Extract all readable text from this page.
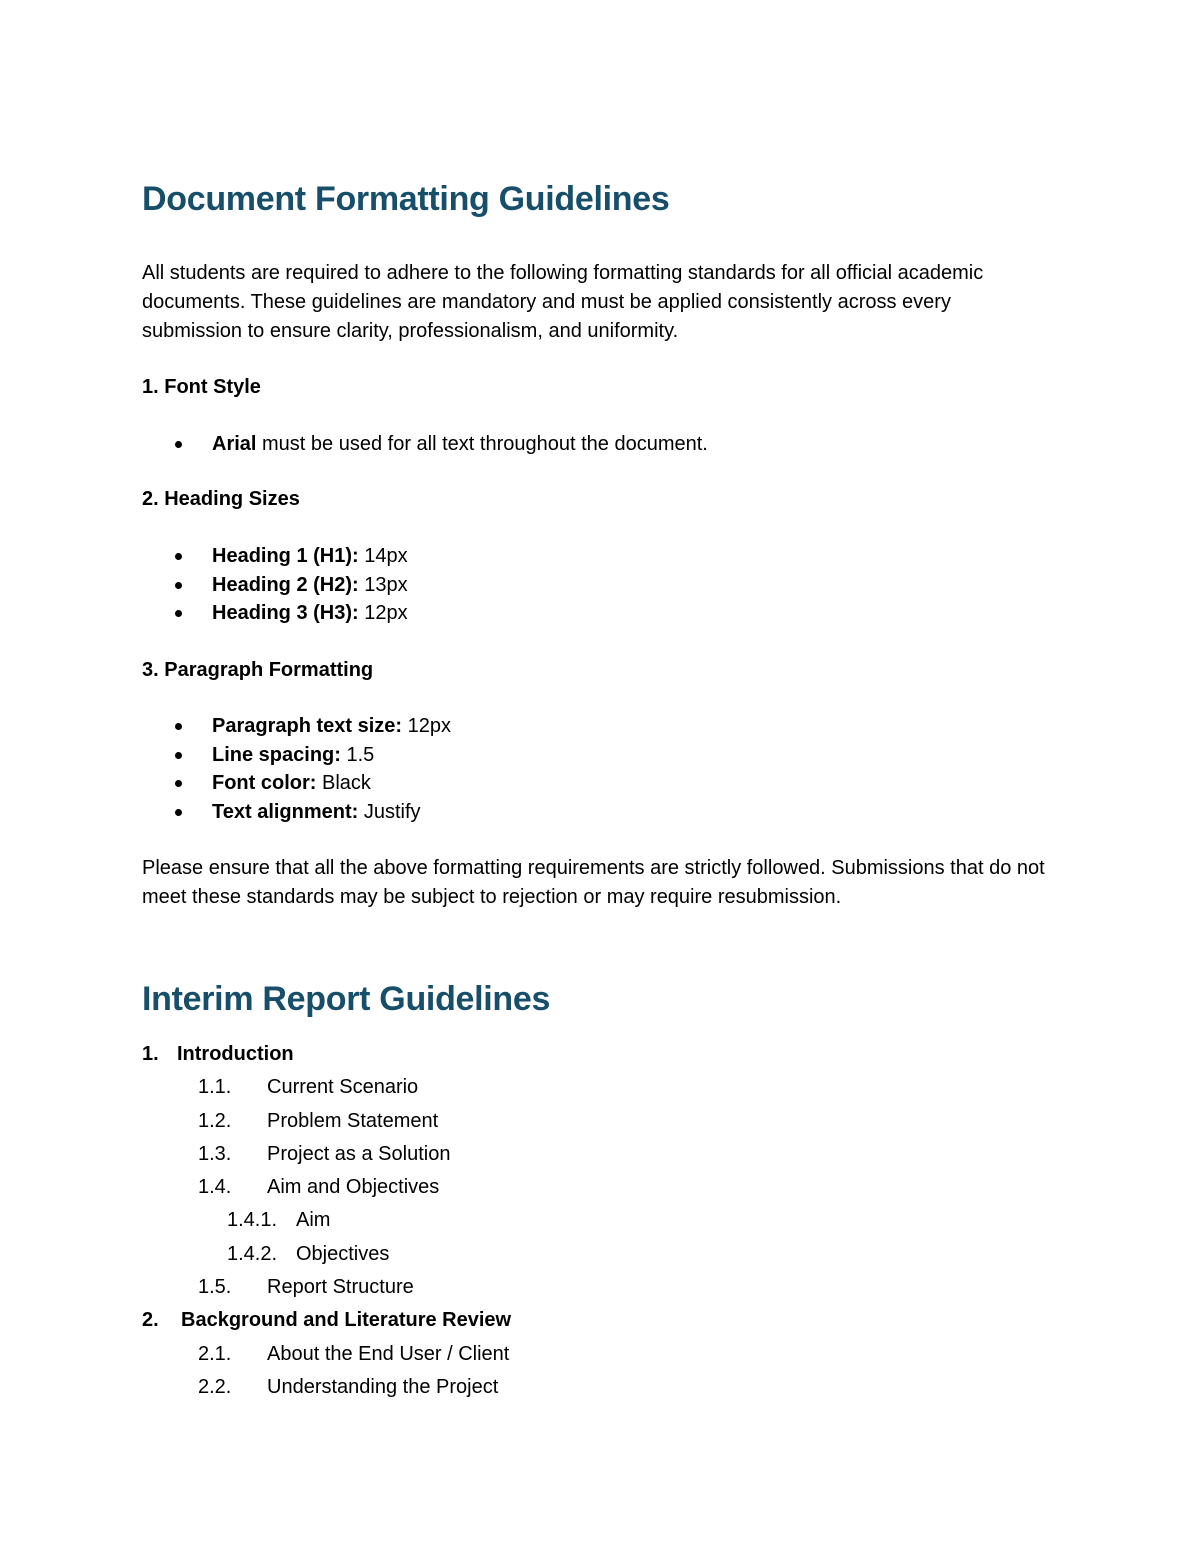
Document Formatting Guidelines

All students are required to adhere to the following formatting standards for all official academic documents. These guidelines are mandatory and must be applied consistently across every submission to ensure clarity, professionalism, and uniformity.

1. Font Style
Arial must be used for all text throughout the document.
2. Heading Sizes
Heading 1 (H1): 14px
Heading 2 (H2): 13px
Heading 3 (H3): 12px
3. Paragraph Formatting
Paragraph text size: 12px
Line spacing: 1.5
Font color: Black
Text alignment: Justify

Please ensure that all the above formatting requirements are strictly followed. Submissions that do not meet these standards may be subject to rejection or may require resubmission.

Interim Report Guidelines
1. Introduction
1.1. Current Scenario
1.2. Problem Statement
1.3. Project as a Solution
1.4. Aim and Objectives
1.4.1. Aim
1.4.2. Objectives
1.5. Report Structure
2. Background and Literature Review
2.1. About the End User / Client
2.2. Understanding the Project
